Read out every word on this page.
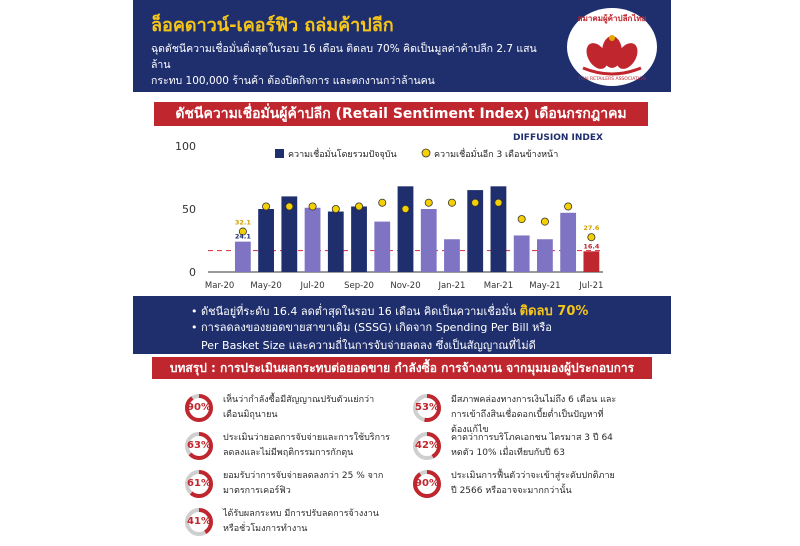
ล็อคดาวน์-เคอร์ฟิว ถล่มค้าปลีก
ฉุดดัชนีความเชื่อมั่นดิ่งสุดในรอบ 16 เดือน ติดลบ 70% คิดเป็นมูลค่าค้าปลีก 2.7 แสนล้าน
กระทบ 100,000 ร้านค้า ต้องปิดกิจการ และตกงานกว่าล้านคน
สมาคมผู้ค้าปลีกไทย
THAI RETAILERS ASSOCIATION
ดัชนีความเชื่อมั่นผู้ค้าปลีก (Retail Sentiment Index) เดือนกรกฎาคม
0
50
100
DIFFUSION INDEX
ความเชื่อมั่นโดยรวมปัจจุบัน	ความเชื่อมั่นอีก 3 เดือนข้างหน้า
24.1
32.1
16.4
27.6
Mar-20 May-20 Jul-20 Sep-20 Nov-20 Jan-21 Mar-21 May-21 Jul-21
• ดัชนีอยู่ที่ระดับ 16.4 ลดต่ำสุดในรอบ 16 เดือน คิดเป็นความเชื่อมั่น ติดลบ 70%
• การลดลงของยอดขายสาขาเดิม (SSSG) เกิดจาก Spending Per Bill หรือ
Per Basket Size และความถี่ในการจับจ่ายลดลง ซึ่งเป็นสัญญาณที่ไม่ดี
บทสรุป : การประเมินผลกระทบต่อยอดขาย กำลังซื้อ การจ้างงาน จากมุมมองผู้ประกอบการ
90%
เห็นว่ากำลังซื้อมีสัญญาณปรับตัวแย่กว่าเดือนมิถุนายน
63%
ประเมินว่ายอดการจับจ่ายและการใช้บริการลดลงและไม่มีพฤติกรรมการกักตุน
61%
ยอมรับว่าการจับจ่ายลดลงกว่า 25 % จากมาตรการเคอร์ฟิว
41%
ได้รับผลกระทบ มีการปรับลดการจ้างงานหรือชั่วโมงการทำงาน
53%
มีสภาพคล่องทางการเงินไม่ถึง 6 เดือน และการเข้าถึงสินเชื่อดอกเบี้ยต่ำเป็นปัญหาที่ต้องแก้ไข
42%
คาดว่าการบริโภคเอกชน ไตรมาส 3 ปี 64 หดตัว 10% เมื่อเทียบกับปี 63
90%
ประเมินการฟื้นตัวว่าจะเข้าสู่ระดับปกติภายปี 2566 หรืออาจจะมากกว่านั้น
